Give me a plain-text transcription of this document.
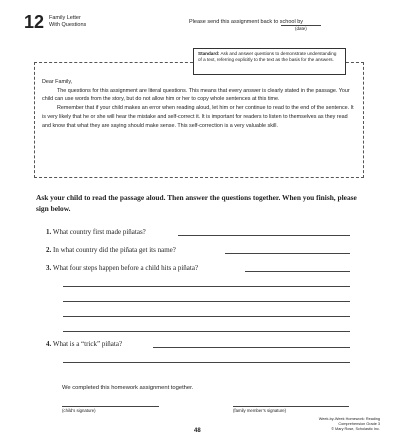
12 Family Letter
With Questions	Please send this assignment back to school by
(date)
Standard: Ask and answer questions to demonstrate understanding of a text, referring explicitly to the text as the basis for the answers.

Dear Family,

The questions for this assignment are literal questions. This means that every answer is clearly stated in the passage. Your child can use words from the story, but do not allow him or her to copy whole sentences at this time.

Remember that if your child makes an error when reading aloud, let him or her continue to read to the end of the sentence. It is very likely that he or she will hear the mistake and self-correct it. It is important for readers to listen to themselves as they read and know that what they are saying should make sense. This self-correction is a very valuable skill.

Ask your child to read the passage aloud. Then answer the questions together. When you finish, please sign below.
1. What country first made piñatas?
2. In what country did the piñata get its name?
3. What four steps happen before a child hits a piñata?
4. What is a “trick” piñata?
We completed this homework assignment together.
(child’s signature)	(family member’s signature)
48
Week-by-Week Homework: Reading Comprehension Grade 3
© Mary Rose, Scholastic Inc.
